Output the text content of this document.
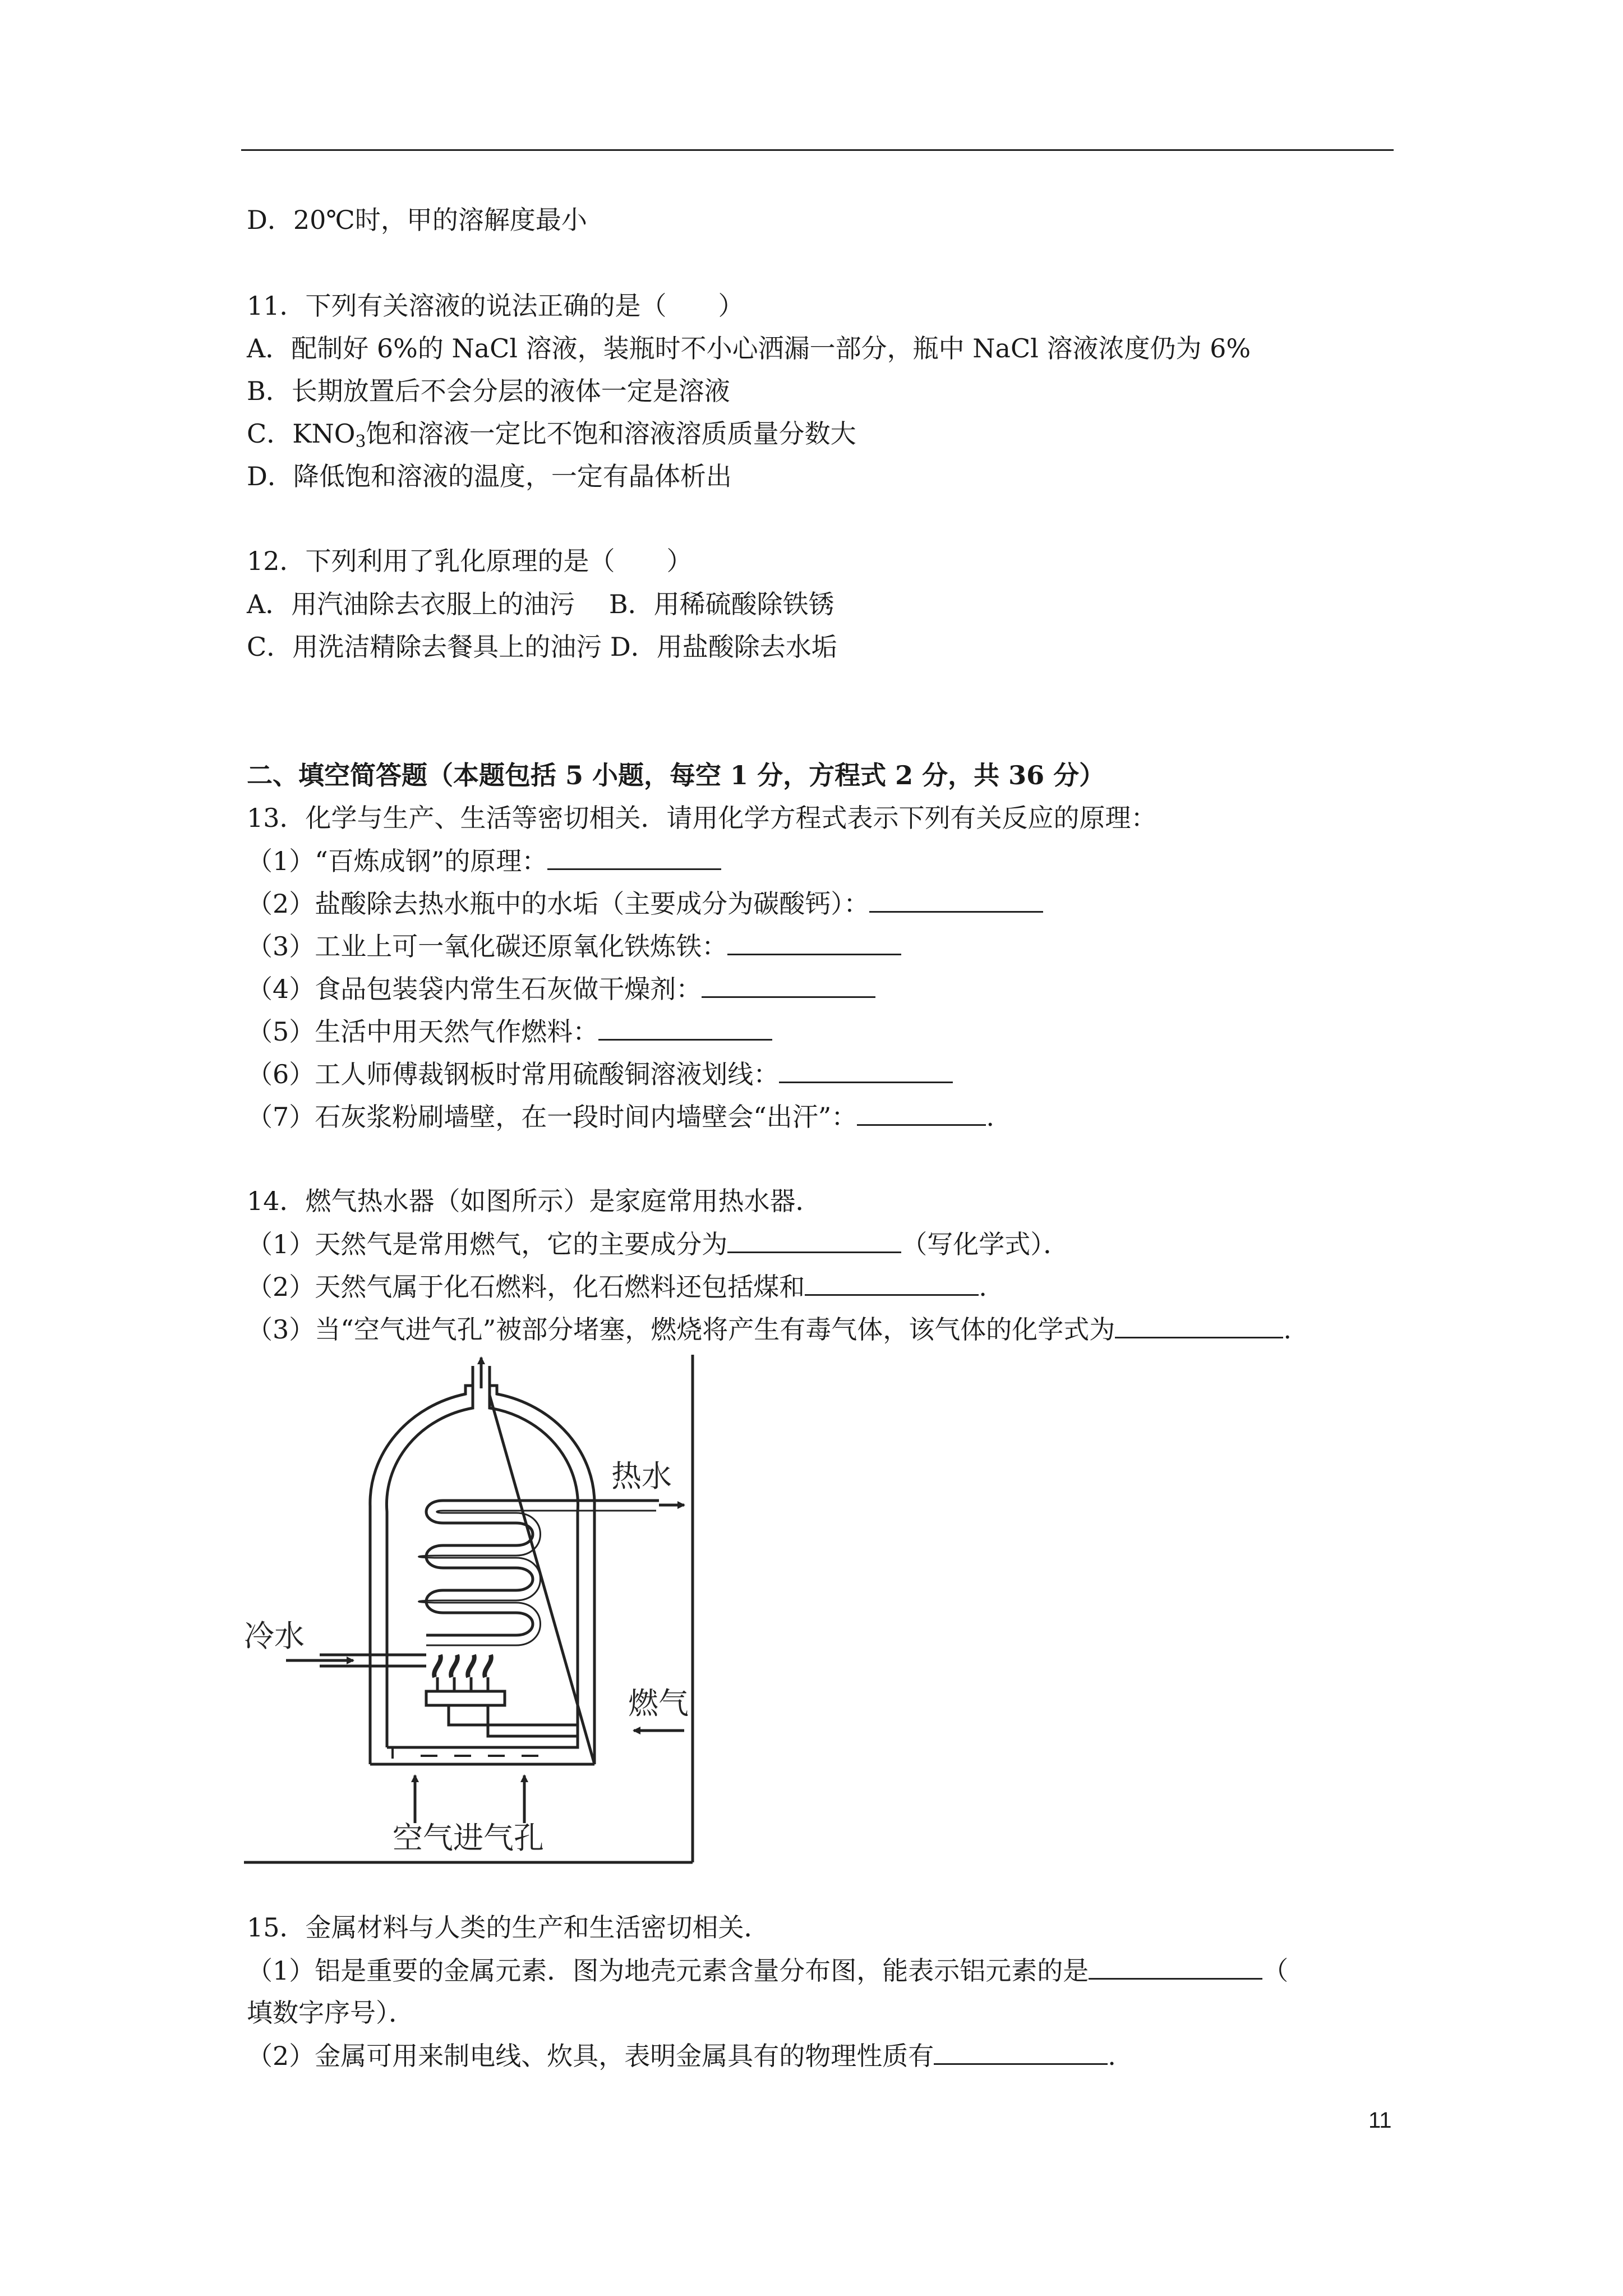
D．20℃时，甲的溶解度最小
11．下列有关溶液的说法正确的是（　　）
A．配制好 6%的 NaCl 溶液，装瓶时不小心洒漏一部分，瓶中 NaCl 溶液浓度仍为 6%
B．长期放置后不会分层的液体一定是溶液
C．$KNO_3$饱和溶液一定比不饱和溶液溶质质量分数大
D．降低饱和溶液的温度，一定有晶体析出
12．下列利用了乳化原理的是（　　）
A．用汽油除去衣服上的油污　 B．用稀硫酸除铁锈
C．用洗洁精除去餐具上的油污 D．用盐酸除去水垢
二、填空简答题（本题包括 5 小题，每空 1 分，方程式 2 分，共 36 分）
13．化学与生产、生活等密切相关．请用化学方程式表示下列有关反应的原理：
（1）“百炼成钢”的原理：
（2）盐酸除去热水瓶中的水垢（主要成分为碳酸钙）：
（3）工业上可一氧化碳还原氧化铁炼铁：
（4）食品包装袋内常生石灰做干燥剂：
（5）生活中用天然气作燃料：
（6）工人师傅裁钢板时常用硫酸铜溶液划线：
（7）石灰浆粉刷墙壁，在一段时间内墙壁会“出汗”：	.
14．燃气热水器（如图所示）是家庭常用热水器．
（1）天然气是常用燃气，它的主要成分为	（写化学式）．
（2）天然气属于化石燃料，化石燃料还包括煤和	.
（3）当“空气进气孔”被部分堵塞，燃烧将产生有毒气体，该气体的化学式为	.
热水
冷水
燃气
空气进气孔
15．金属材料与人类的生产和生活密切相关．
（1）铝是重要的金属元素．图为地壳元素含量分布图，能表示铝元素的是	（
填数字序号）．
（2）金属可用来制电线、炊具，表明金属具有的物理性质有	.
11
